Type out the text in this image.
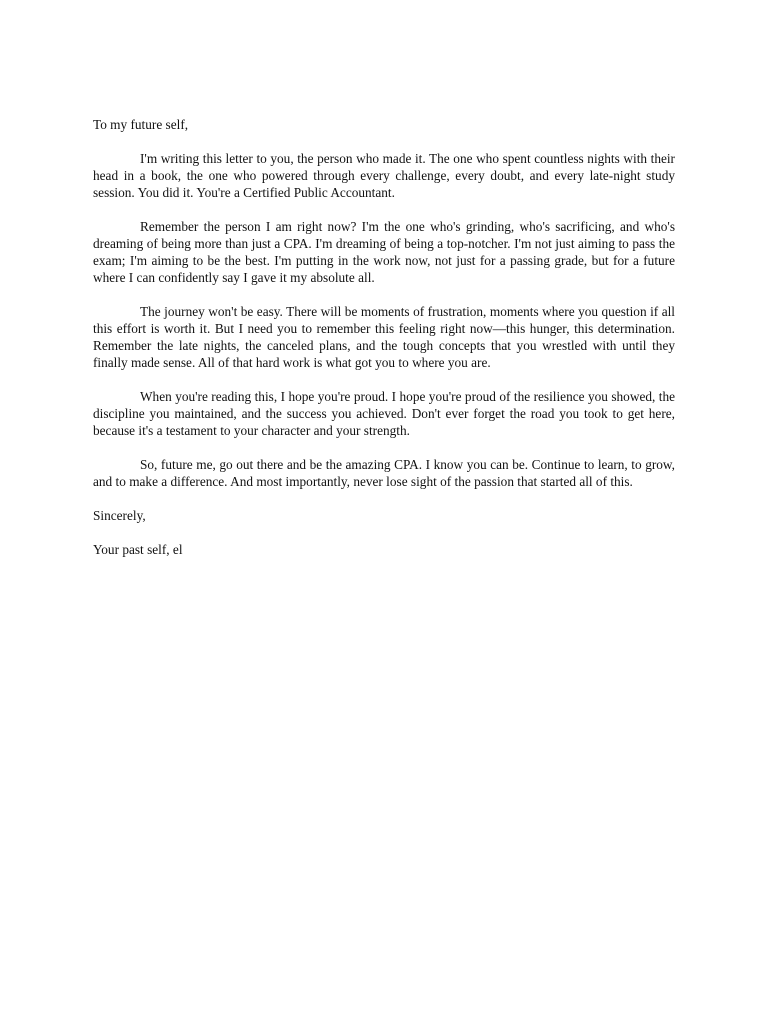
To my future self,

I'm writing this letter to you, the person who made it. The one who spent countless nights with their head in a book, the one who powered through every challenge, every doubt, and every late-night study session. You did it. You're a Certified Public Accountant.

Remember the person I am right now? I'm the one who's grinding, who's sacrificing, and who's dreaming of being more than just a CPA. I'm dreaming of being a top-notcher. I'm not just aiming to pass the exam; I'm aiming to be the best. I'm putting in the work now, not just for a passing grade, but for a future where I can confidently say I gave it my absolute all.

The journey won't be easy. There will be moments of frustration, moments where you question if all this effort is worth it. But I need you to remember this feeling right now—this hunger, this determination. Remember the late nights, the canceled plans, and the tough concepts that you wrestled with until they finally made sense. All of that hard work is what got you to where you are.

When you're reading this, I hope you're proud. I hope you're proud of the resilience you showed, the discipline you maintained, and the success you achieved. Don't ever forget the road you took to get here, because it's a testament to your character and your strength.

So, future me, go out there and be the amazing CPA. I know you can be. Continue to learn, to grow, and to make a difference. And most importantly, never lose sight of the passion that started all of this.

Sincerely,

Your past self, el
